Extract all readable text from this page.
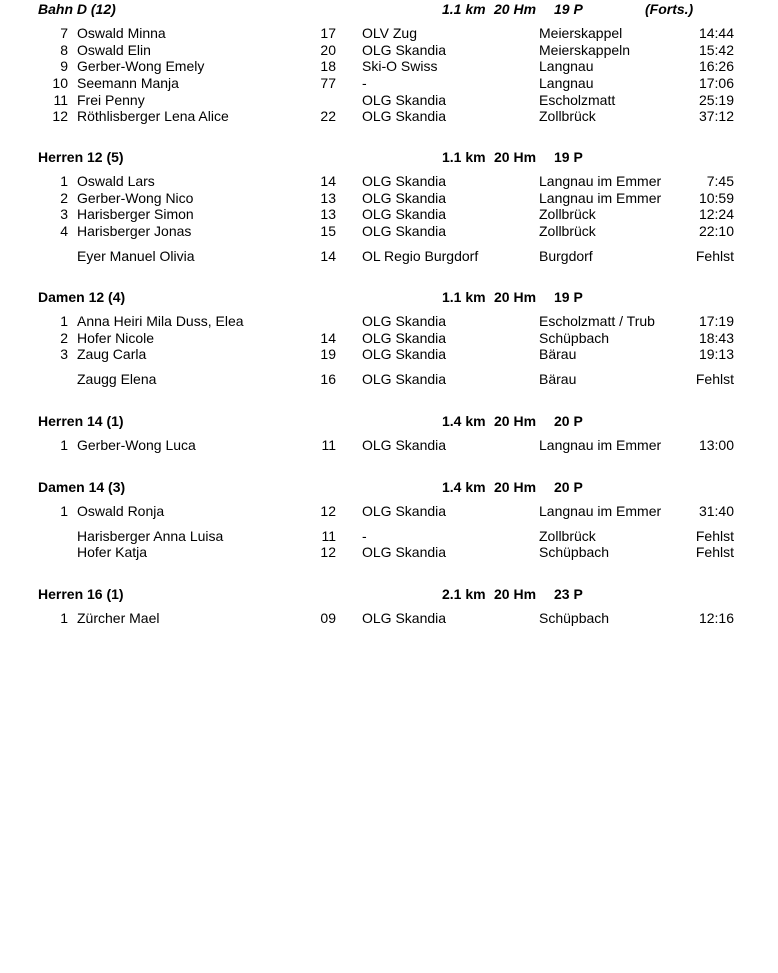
Bahn D (12)	1.1 km 20 Hm 19 P	(Forts.)
7 Oswald Minna	17 OLV Zug	Meierskappel	14:44
8 Oswald Elin	20 OLG Skandia	Meierskappeln	15:42
9 Gerber-Wong Emely	18 Ski-O Swiss	Langnau	16:26
10 Seemann Manja	77 -	Langnau	17:06
11 Frei Penny	OLG Skandia	Escholzmatt	25:19
12 Röthlisberger Lena Alice	22 OLG Skandia	Zollbrück	37:12
Herren 12 (5)	1.1 km 20 Hm 19 P
1 Oswald Lars	14 OLG Skandia	Langnau im Emmer	7:45
2 Gerber-Wong Nico	13 OLG Skandia	Langnau im Emmer	10:59
3 Harisberger Simon	13 OLG Skandia	Zollbrück	12:24
4 Harisberger Jonas	15 OLG Skandia	Zollbrück	22:10
Eyer Manuel Olivia	14 OL Regio Burgdorf	Burgdorf	Fehlst
Damen 12 (4)	1.1 km 20 Hm 19 P
1 Anna Heiri Mila Duss, Elea	OLG Skandia	Escholzmatt / Trub	17:19
2 Hofer Nicole	14 OLG Skandia	Schüpbach	18:43
3 Zaug Carla	19 OLG Skandia	Bärau	19:13
Zaugg Elena	16 OLG Skandia	Bärau	Fehlst
Herren 14 (1)	1.4 km 20 Hm 20 P
1 Gerber-Wong Luca	11 OLG Skandia	Langnau im Emmer	13:00
Damen 14 (3)	1.4 km 20 Hm 20 P
1 Oswald Ronja	12 OLG Skandia	Langnau im Emmer	31:40
Harisberger Anna Luisa	11 -	Zollbrück	Fehlst
Hofer Katja	12 OLG Skandia	Schüpbach	Fehlst
Herren 16 (1)	2.1 km 20 Hm 23 P
1 Zürcher Mael	09 OLG Skandia	Schüpbach	12:16
